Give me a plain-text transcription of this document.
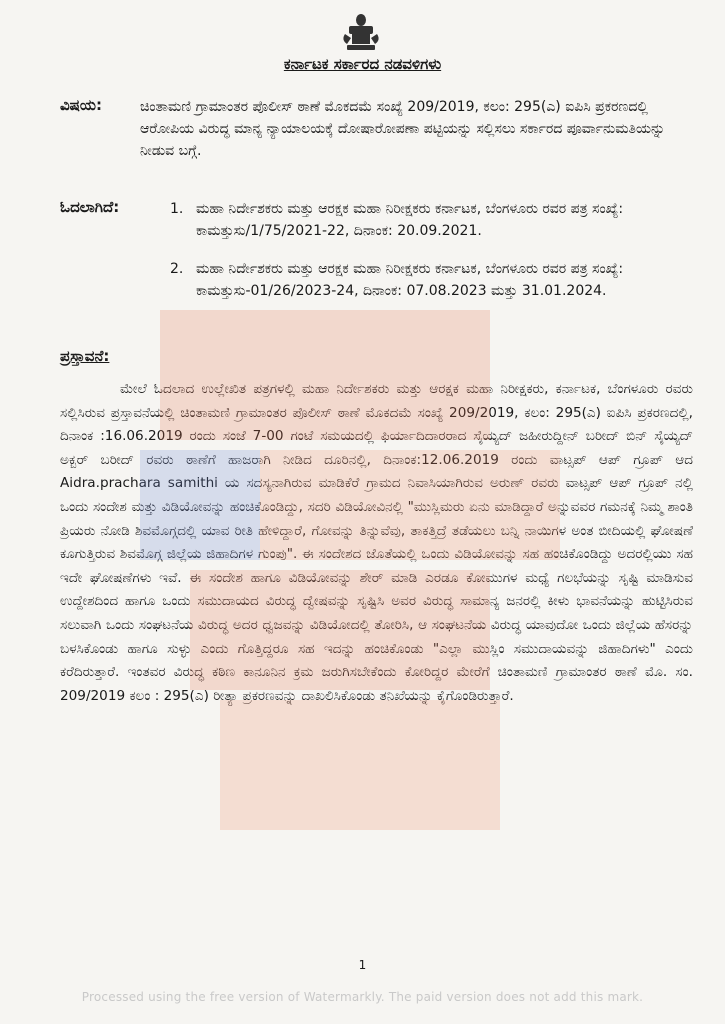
ಕರ್ನಾಟಕ ಸರ್ಕಾರದ ನಡವಳಿಗಳು
ವಿಷಯ:	ಚಿಂತಾಮಣಿ ಗ್ರಾಮಾಂತರ ಪೊಲೀಸ್ ಠಾಣೆ ಮೊಕದಮೆ ಸಂಖ್ಯೆ 209/2019, ಕಲಂ: 295(ಎ) ಐಪಿಸಿ ಪ್ರಕರಣದಲ್ಲಿ ಆರೋಪಿಯ ವಿರುದ್ಧ ಮಾನ್ಯ ನ್ಯಾಯಾಲಯಕ್ಕೆ ದೋಷಾರೋಪಣಾ ಪಟ್ಟಿಯನ್ನು ಸಲ್ಲಿಸಲು ಸರ್ಕಾರದ ಪೂರ್ವಾನುಮತಿಯನ್ನು ನೀಡುವ ಬಗ್ಗೆ.
ಓದಲಾಗಿದೆ:	1. ಮಹಾ ನಿರ್ದೇಶಕರು ಮತ್ತು ಆರಕ್ಷಕ ಮಹಾ ನಿರೀಕ್ಷಕರು ಕರ್ನಾಟಕ, ಬೆಂಗಳೂರು ರವರ ಪತ್ರ ಸಂಖ್ಯೆ: ಕಾಮತ್ತುಸು/1/75/2021-22, ದಿನಾಂಕ: 20.09.2021.
2. ಮಹಾ ನಿರ್ದೇಶಕರು ಮತ್ತು ಆರಕ್ಷಕ ಮಹಾ ನಿರೀಕ್ಷಕರು ಕರ್ನಾಟಕ, ಬೆಂಗಳೂರು ರವರ ಪತ್ರ ಸಂಖ್ಯೆ: ಕಾಮತ್ತುಸು-01/26/2023-24, ದಿನಾಂಕ: 07.08.2023 ಮತ್ತು 31.01.2024.
ಪ್ರಸ್ತಾವನೆ:
ಮೇಲೆ ಓದಲಾದ ಉಲ್ಲೇಖಿತ ಪತ್ರಗಳಲ್ಲಿ ಮಹಾ ನಿರ್ದೇಶಕರು ಮತ್ತು ಆರಕ್ಷಕ ಮಹಾ ನಿರೀಕ್ಷಕರು, ಕರ್ನಾಟಕ, ಬೆಂಗಳೂರು ರವರು ಸಲ್ಲಿಸಿರುವ ಪ್ರಸ್ತಾವನೆಯಲ್ಲಿ ಚಿಂತಾಮಣಿ ಗ್ರಾಮಾಂತರ ಪೊಲೀಸ್ ಠಾಣೆ ಮೊಕದಮೆ ಸಂಖ್ಯೆ 209/2019, ಕಲಂ: 295(ಎ) ಐಪಿಸಿ ಪ್ರಕರಣದಲ್ಲಿ, ದಿನಾಂಕ :16.06.2019 ರಂದು ಸಂಜೆ 7-00 ಗಂಟೆ ಸಮಯದಲ್ಲಿ ಫಿರ್ಯಾದಿದಾರರಾದ ಸೈಯ್ಯದ್ ಜಹೀರುದ್ದೀನ್ ಬರೀದ್ ಬಿನ್ ಸೈಯ್ಯದ್ ಅಕ್ಬರ್ ಬರೀದ್ ರವರು ಠಾಣೆಗೆ ಹಾಜರಾಗಿ ನೀಡಿದ ದೂರಿನಲ್ಲಿ, ದಿನಾಂಕ:12.06.2019 ರಂದು ವಾಟ್ಸಪ್ ಆಪ್ ಗ್ರೂಪ್ ಆದ Aidra.prachara samithi ಯ ಸದಸ್ಯನಾಗಿರುವ ಮಾಡಿಕೆರೆ ಗ್ರಾಮದ ನಿವಾಸಿಯಾಗಿರುವ ಅರುಣ್ ರವರು ವಾಟ್ಸಪ್ ಆಪ್ ಗ್ರೂಪ್ ನಲ್ಲಿ ಒಂದು ಸಂದೇಶ ಮತ್ತು ವಿಡಿಯೋವನ್ನು ಹಂಚಿಕೊಂಡಿದ್ದು, ಸದರಿ ವಿಡಿಯೋವಿನಲ್ಲಿ "ಮುಸ್ಲಿಮರು ಏನು ಮಾಡಿದ್ದಾರೆ ಅನ್ನುವವರ ಗಮನಕ್ಕೆ ನಿಮ್ಮ ಶಾಂತಿ ಪ್ರಿಯರು ನೋಡಿ ಶಿವಮೊಗ್ಗದಲ್ಲಿ ಯಾವ ರೀತಿ ಹೇಳಿದ್ದಾರೆ, ಗೋವನ್ನು ತಿನ್ನುವೆವು, ತಾಕತ್ತಿದ್ರೆ ತಡೆಯಲು ಬನ್ನಿ ನಾಯಿಗಳ ಅಂತ ಬೀದಿಯಲ್ಲಿ ಘೋಷಣೆ ಕೂಗುತ್ತಿರುವ ಶಿವಮೊಗ್ಗ ಜಿಲ್ಲೆಯ ಜಿಹಾದಿಗಳ ಗುಂಪು". ಈ ಸಂದೇಶದ ಜೊತೆಯಲ್ಲಿ ಒಂದು ವಿಡಿಯೋವನ್ನು ಸಹ ಹಂಚಿಕೊಂಡಿದ್ದು ಅದರಲ್ಲಿಯು ಸಹ ಇದೇ ಘೋಷಣೆಗಳು ಇವೆ. ಈ ಸಂದೇಶ ಹಾಗೂ ವಿಡಿಯೋವನ್ನು ಶೇರ್ ಮಾಡಿ ಎರಡೂ ಕೋಮುಗಳ ಮಧ್ಯೆ ಗಲಭೆಯನ್ನು ಸೃಷ್ಟಿ ಮಾಡಿಸುವ ಉದ್ದೇಶದಿಂದ ಹಾಗೂ ಒಂದು ಸಮುದಾಯದ ವಿರುದ್ಧ ದ್ವೇಷವನ್ನು ಸೃಷ್ಟಿಸಿ ಅವರ ವಿರುದ್ಧ ಸಾಮಾನ್ಯ ಜನರಲ್ಲಿ ಕೀಳು ಭಾವನೆಯನ್ನು ಹುಟ್ಟಿಸಿರುವ ಸಲುವಾಗಿ ಒಂದು ಸಂಘಟನೆಯ ವಿರುದ್ಧ ಅದರ ಧ್ವಜವನ್ನು ವಿಡಿಯೋದಲ್ಲಿ ತೋರಿಸಿ, ಆ ಸಂಘಟನೆಯ ವಿರುದ್ಧ ಯಾವುದೋ ಒಂದು ಜಿಲ್ಲೆಯ ಹೆಸರನ್ನು ಬಳಸಿಕೊಂಡು ಹಾಗೂ ಸುಳ್ಳು ಎಂದು ಗೊತ್ತಿದ್ದರೂ ಸಹ ಇದನ್ನು ಹಂಚಿಕೊಂಡು "ಎಲ್ಲಾ ಮುಸ್ಲಿಂ ಸಮುದಾಯವನ್ನು ಜಿಹಾದಿಗಳು" ಎಂದು ಕರೆದಿರುತ್ತಾರೆ. ಇಂತವರ ವಿರುದ್ಧ ಕಠಿಣ ಕಾನೂನಿನ ಕ್ರಮ ಜರುಗಿಸಬೇಕೆಂದು ಕೋರಿದ್ದರ ಮೇರೆಗೆ ಚಿಂತಾಮಣಿ ಗ್ರಾಮಾಂತರ ಠಾಣೆ ಮೊ. ಸಂ. 209/2019 ಕಲಂ : 295(ಎ) ರೀತ್ಯಾ ಪ್ರಕರಣವನ್ನು ದಾಖಲಿಸಿಕೊಂಡು ತನಿಖೆಯನ್ನು ಕೈಗೊಂಡಿರುತ್ತಾರೆ.
1
Processed using the free version of Watermarkly. The paid version does not add this mark.
